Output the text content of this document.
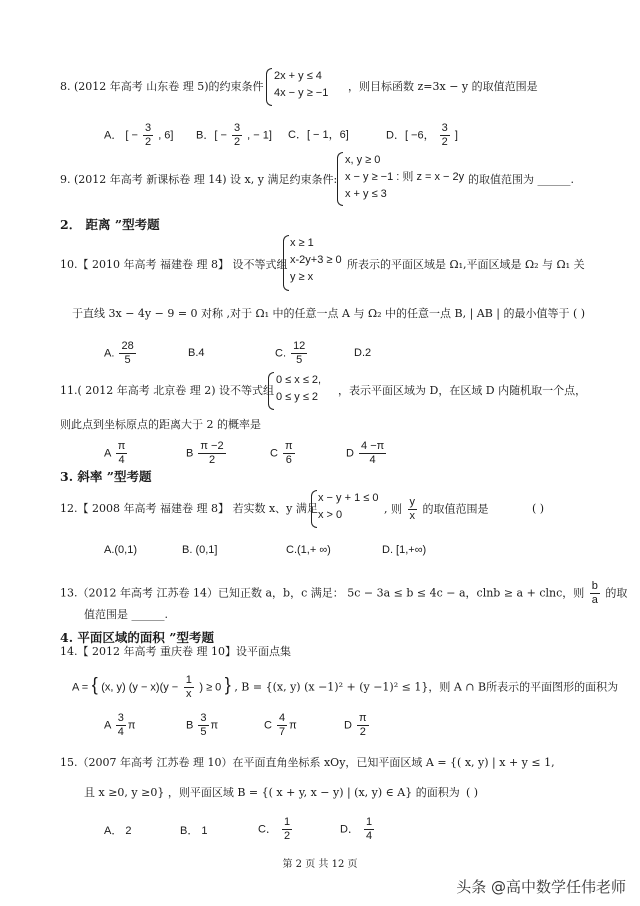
8. (2012 年高考 山东卷 理 5)的约束条件
2x + y ≤ 4
4x − y ≥ −1 ，则目标函数 z=3x − y 的取值范围是
A． [ − $\frac{3}{2}$ , 6] B．[ − $\frac{3}{2}$ , − 1] C．[ − 1，6]	D．[ −6， $\frac{3}{2}$ ]
9. (2012 年高考 新课标卷 理 14) 设 x, y 满足约束条件:
x, y ≥ 0
x − y ≥ −1 : 则 z = x − 2y
x + y ≤ 3
的取值范围为 ______.
2． 距离 ”型考题
10.【 2010 年高考 福建卷 理 8】 设不等式组
x ≥ 1
x-2y+3 ≥ 0
y ≥ x
所表示的平面区域是 Ω₁,平面区域是 Ω₂ 与 Ω₁ 关
于直线 3x − 4y − 9 = 0 对称 ,对于 Ω₁ 中的任意一点 A 与 Ω₂ 中的任意一点 B, | AB | 的最小值等于 ( )
A. $\frac{28}{5}$	B.4	C. $\frac{12}{5}$	D.2
11.( 2012 年高考 北京卷 理 2) 设不等式组
0 ≤ x ≤ 2,
0 ≤ y ≤ 2 ，表示平面区域为 D，在区域 D 内随机取一个点，
则此点到坐标原点的距离大于 2 的概率是
A $\frac{\pi}{4}$	B $\frac{\pi -2}{2}$	C $\frac{\pi}{6}$	D $\frac{4 -\pi}{4}$
3. 斜率 ”型考题
12.【 2008 年高考 福建卷 理 8】 若实数 x、y 满足
x − y + 1 ≤ 0
x > 0	, 则 $\frac{y}{x}$ 的取值范围是	( )
A.(0,1)	B. (0,1]	C.(1,+ ∞)	D. [1,+∞)
13.（2012 年高考 江苏卷 14）已知正数 a，b，c 满足： 5c − 3a ≤ b ≤ 4c − a，clnb ≥ a + clnc，则 $\frac{b}{a}$ 的取
值范围是 ______.
4. 平面区域的面积 ”型考题
14.【 2012 年高考 重庆卷 理 10】设平面点集
A = { (x, y) $(y - x)(y - \frac{1}{x}$ ) ≥ 0 } , B = {(x, y) (x −1)² + (y −1)² ≤ 1}，则 A ∩ B所表示的平面图形的面积为
A $\frac{3}{4}$ π	B $\frac{3}{5}$ π	C $\frac{4}{7}$ π	D $\frac{\pi}{2}$
15.（2007 年高考 江苏卷 理 10）在平面直角坐标系 xOy，已知平面区域 A = {( x, y) | x + y ≤ 1,
且 x ≥0, y ≥0} ，则平面区域 B = {( x + y, x − y) | (x, y) ∈ A} 的面积为 ( )
A． 2	B． 1	C． $\frac{1}{2}$	D． $\frac{1}{4}$
第 2 页 共 12 页
头条 @高中数学任伟老师
